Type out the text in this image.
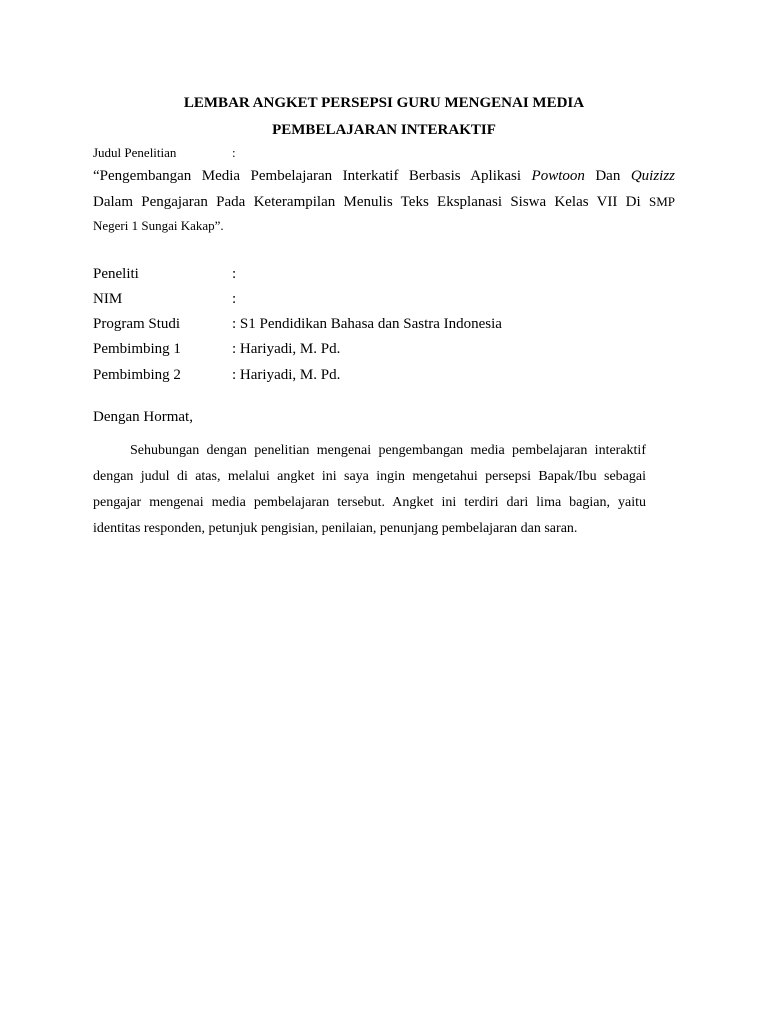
LEMBAR ANGKET PERSEPSI GURU MENGENAI MEDIA
PEMBELAJARAN INTERAKTIF
Judul Penelitian	:
“Pengembangan Media Pembelajaran Interkatif Berbasis Aplikasi Powtoon Dan Quizizz
Dalam Pengajaran Pada Keterampilan Menulis Teks Eksplanasi Siswa Kelas VII Di SMP
Negeri 1 Sungai Kakap”.
Peneliti	:
NIM	:
Program Studi	: S1 Pendidikan Bahasa dan Sastra Indonesia
Pembimbing 1	: Hariyadi, M. Pd.
Pembimbing 2	: Hariyadi, M. Pd.
Dengan Hormat,
Sehubungan dengan penelitian mengenai pengembangan media pembelajaran interaktif dengan judul di atas, melalui angket ini saya ingin mengetahui persepsi Bapak/Ibu sebagai pengajar mengenai media pembelajaran tersebut. Angket ini terdiri dari lima bagian, yaitu identitas responden, petunjuk pengisian, penilaian, penunjang pembelajaran dan saran.
